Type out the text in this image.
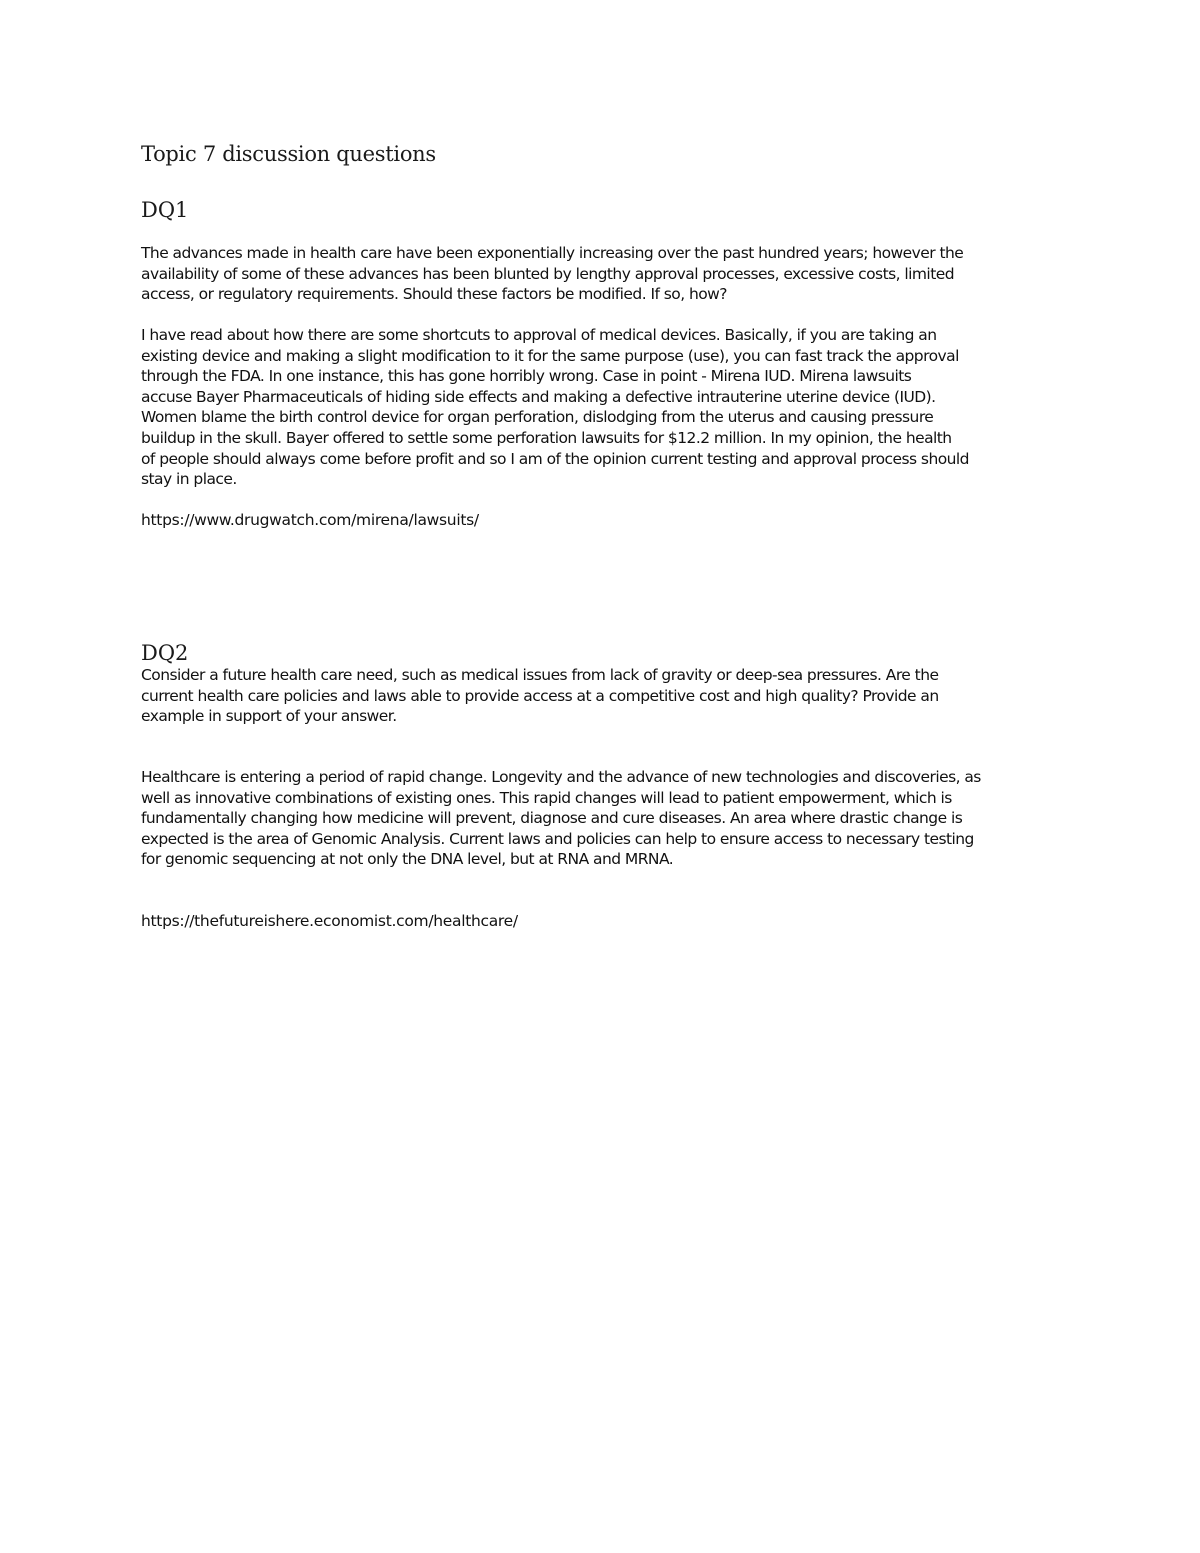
Topic 7 discussion questions
DQ1
The advances made in health care have been exponentially increasing over the past hundred years; however the
availability of some of these advances has been blunted by lengthy approval processes, excessive costs, limited
access, or regulatory requirements. Should these factors be modified. If so, how?
I have read about how there are some shortcuts to approval of medical devices. Basically, if you are taking an
existing device and making a slight modification to it for the same purpose (use), you can fast track the approval
through the FDA. In one instance, this has gone horribly wrong. Case in point - Mirena IUD. Mirena lawsuits
accuse Bayer Pharmaceuticals of hiding side effects and making a defective intrauterine uterine device (IUD).
Women blame the birth control device for organ perforation, dislodging from the uterus and causing pressure
buildup in the skull. Bayer offered to settle some perforation lawsuits for $12.2 million. In my opinion, the health
of people should always come before profit and so I am of the opinion current testing and approval process should
stay in place.
https://www.drugwatch.com/mirena/lawsuits/
DQ2
Consider a future health care need, such as medical issues from lack of gravity or deep-sea pressures. Are the
current health care policies and laws able to provide access at a competitive cost and high quality? Provide an
example in support of your answer.
Healthcare is entering a period of rapid change. Longevity and the advance of new technologies and discoveries, as
well as innovative combinations of existing ones. This rapid changes will lead to patient empowerment, which is
fundamentally changing how medicine will prevent, diagnose and cure diseases. An area where drastic change is
expected is the area of Genomic Analysis. Current laws and policies can help to ensure access to necessary testing
for genomic sequencing at not only the DNA level, but at RNA and MRNA.
https://thefutureishere.economist.com/healthcare/
